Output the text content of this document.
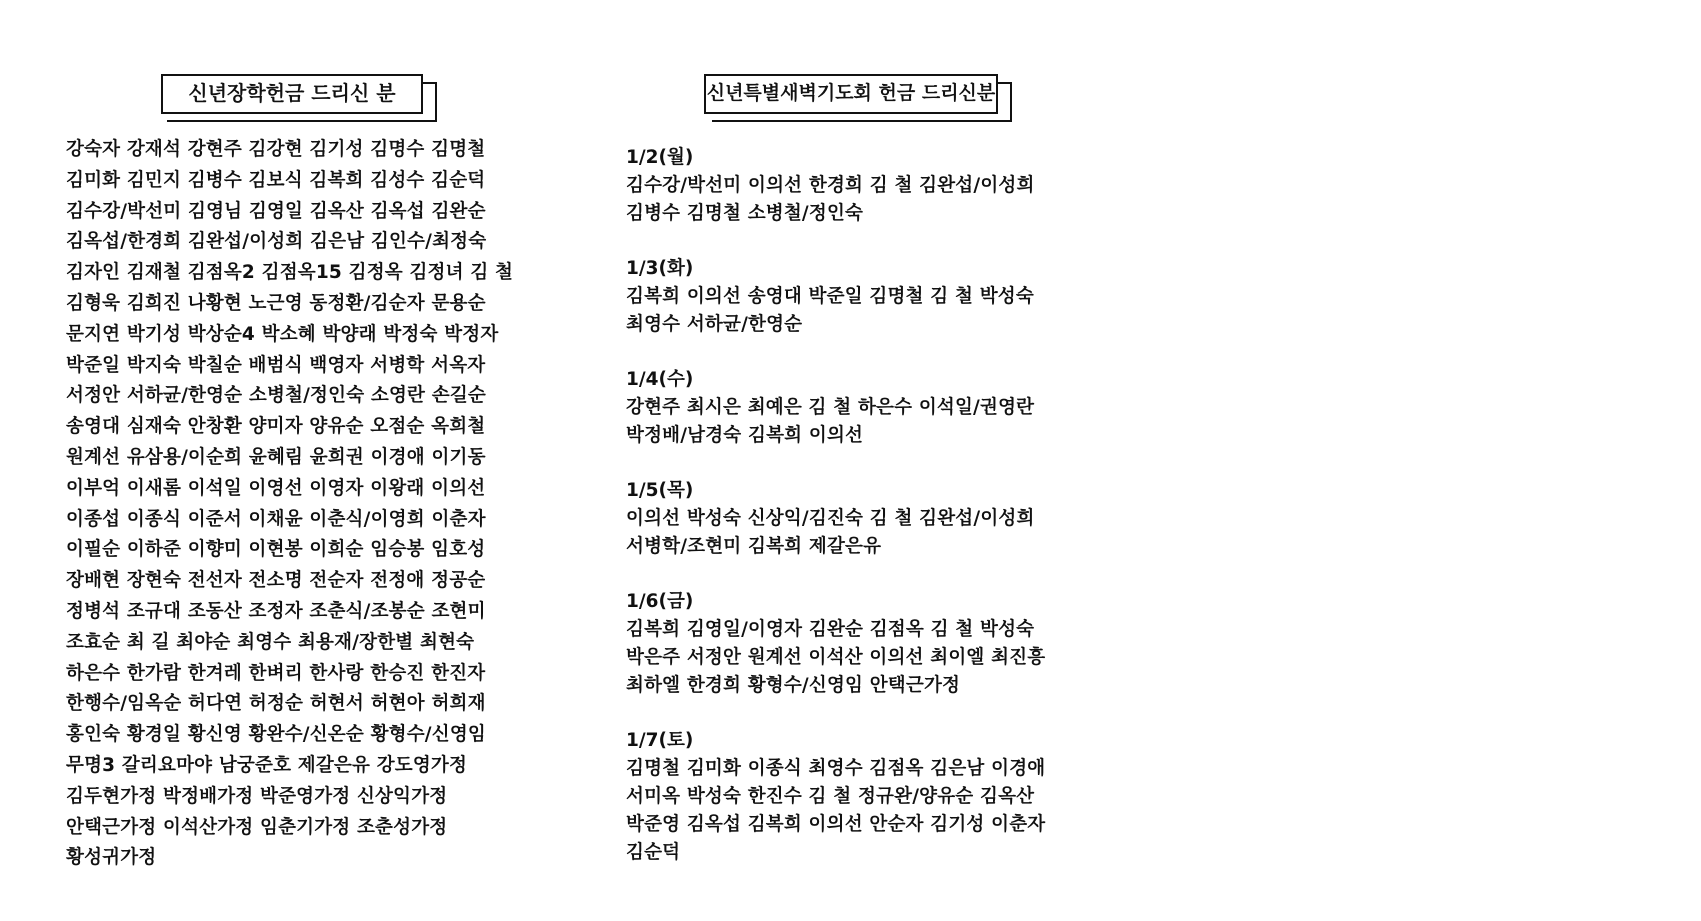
신년장학헌금 드리신 분	신년특별새벽기도회 헌금 드리신분
강숙자 강재석 강현주 김강현 김기성 김명수 김명철
김미화 김민지 김병수 김보식 김복희 김성수 김순덕
김수강/박선미 김영님 김영일 김옥산 김옥섭 김완순
김옥섭/한경희 김완섭/이성희 김은남 김인수/최정숙
김자인 김재철 김점옥2 김점옥15 김정옥 김정녀 김 철
김형욱 김희진 나황현 노근영 동정환/김순자 문용순
문지연 박기성 박상순4 박소혜 박양래 박정숙 박정자
박준일 박지숙 박칠순 배범식 백영자 서병학 서옥자
서정안 서하균/한영순 소병철/정인숙 소영란 손길순
송영대 심재숙 안창환 양미자 양유순 오점순 옥희철
원계선 유삼용/이순희 윤혜림 윤희권 이경애 이기동
이부억 이새롬 이석일 이영선 이영자 이왕래 이의선
이종섭 이종식 이준서 이채윤 이춘식/이영희 이춘자
이필순 이하준 이향미 이현봉 이희순 임승봉 임호성
장배현 장현숙 전선자 전소명 전순자 전정애 정공순
정병석 조규대 조동산 조정자 조춘식/조봉순 조현미
조효순 최 길 최야순 최영수 최용재/장한별 최현숙
하은수 한가람 한겨레 한벼리 한사랑 한승진 한진자
한행수/임옥순 허다연 허정순 허현서 허현아 허희재
홍인숙 황경일 황신영 황완수/신온순 황형수/신영임
무명3 갈리요마야 남궁준호 제갈은유 강도영가정
김두현가정 박정배가정 박준영가정 신상익가정
안택근가정 이석산가정 임춘기가정 조춘성가정
황성귀가정
1/2(월)
김수강/박선미 이의선 한경희 김 철 김완섭/이성희
김병수 김명철 소병철/정인숙
1/3(화)
김복희 이의선 송영대 박준일 김명철 김 철 박성숙
최영수 서하균/한영순
1/4(수)
강현주 최시은 최예은 김 철 하은수 이석일/권영란
박정배/남경숙 김복희 이의선
1/5(목)
이의선 박성숙 신상익/김진숙 김 철 김완섭/이성희
서병학/조현미 김복희 제갈은유
1/6(금)
김복희 김영일/이영자 김완순 김점옥 김 철 박성숙
박은주 서정안 원계선 이석산 이의선 최이엘 최진흥
최하엘 한경희 황형수/신영임 안택근가정
1/7(토)
김명철 김미화 이종식 최영수 김점옥 김은남 이경애
서미옥 박성숙 한진수 김 철 정규완/양유순 김옥산
박준영 김옥섭 김복희 이의선 안순자 김기성 이춘자
김순덕
